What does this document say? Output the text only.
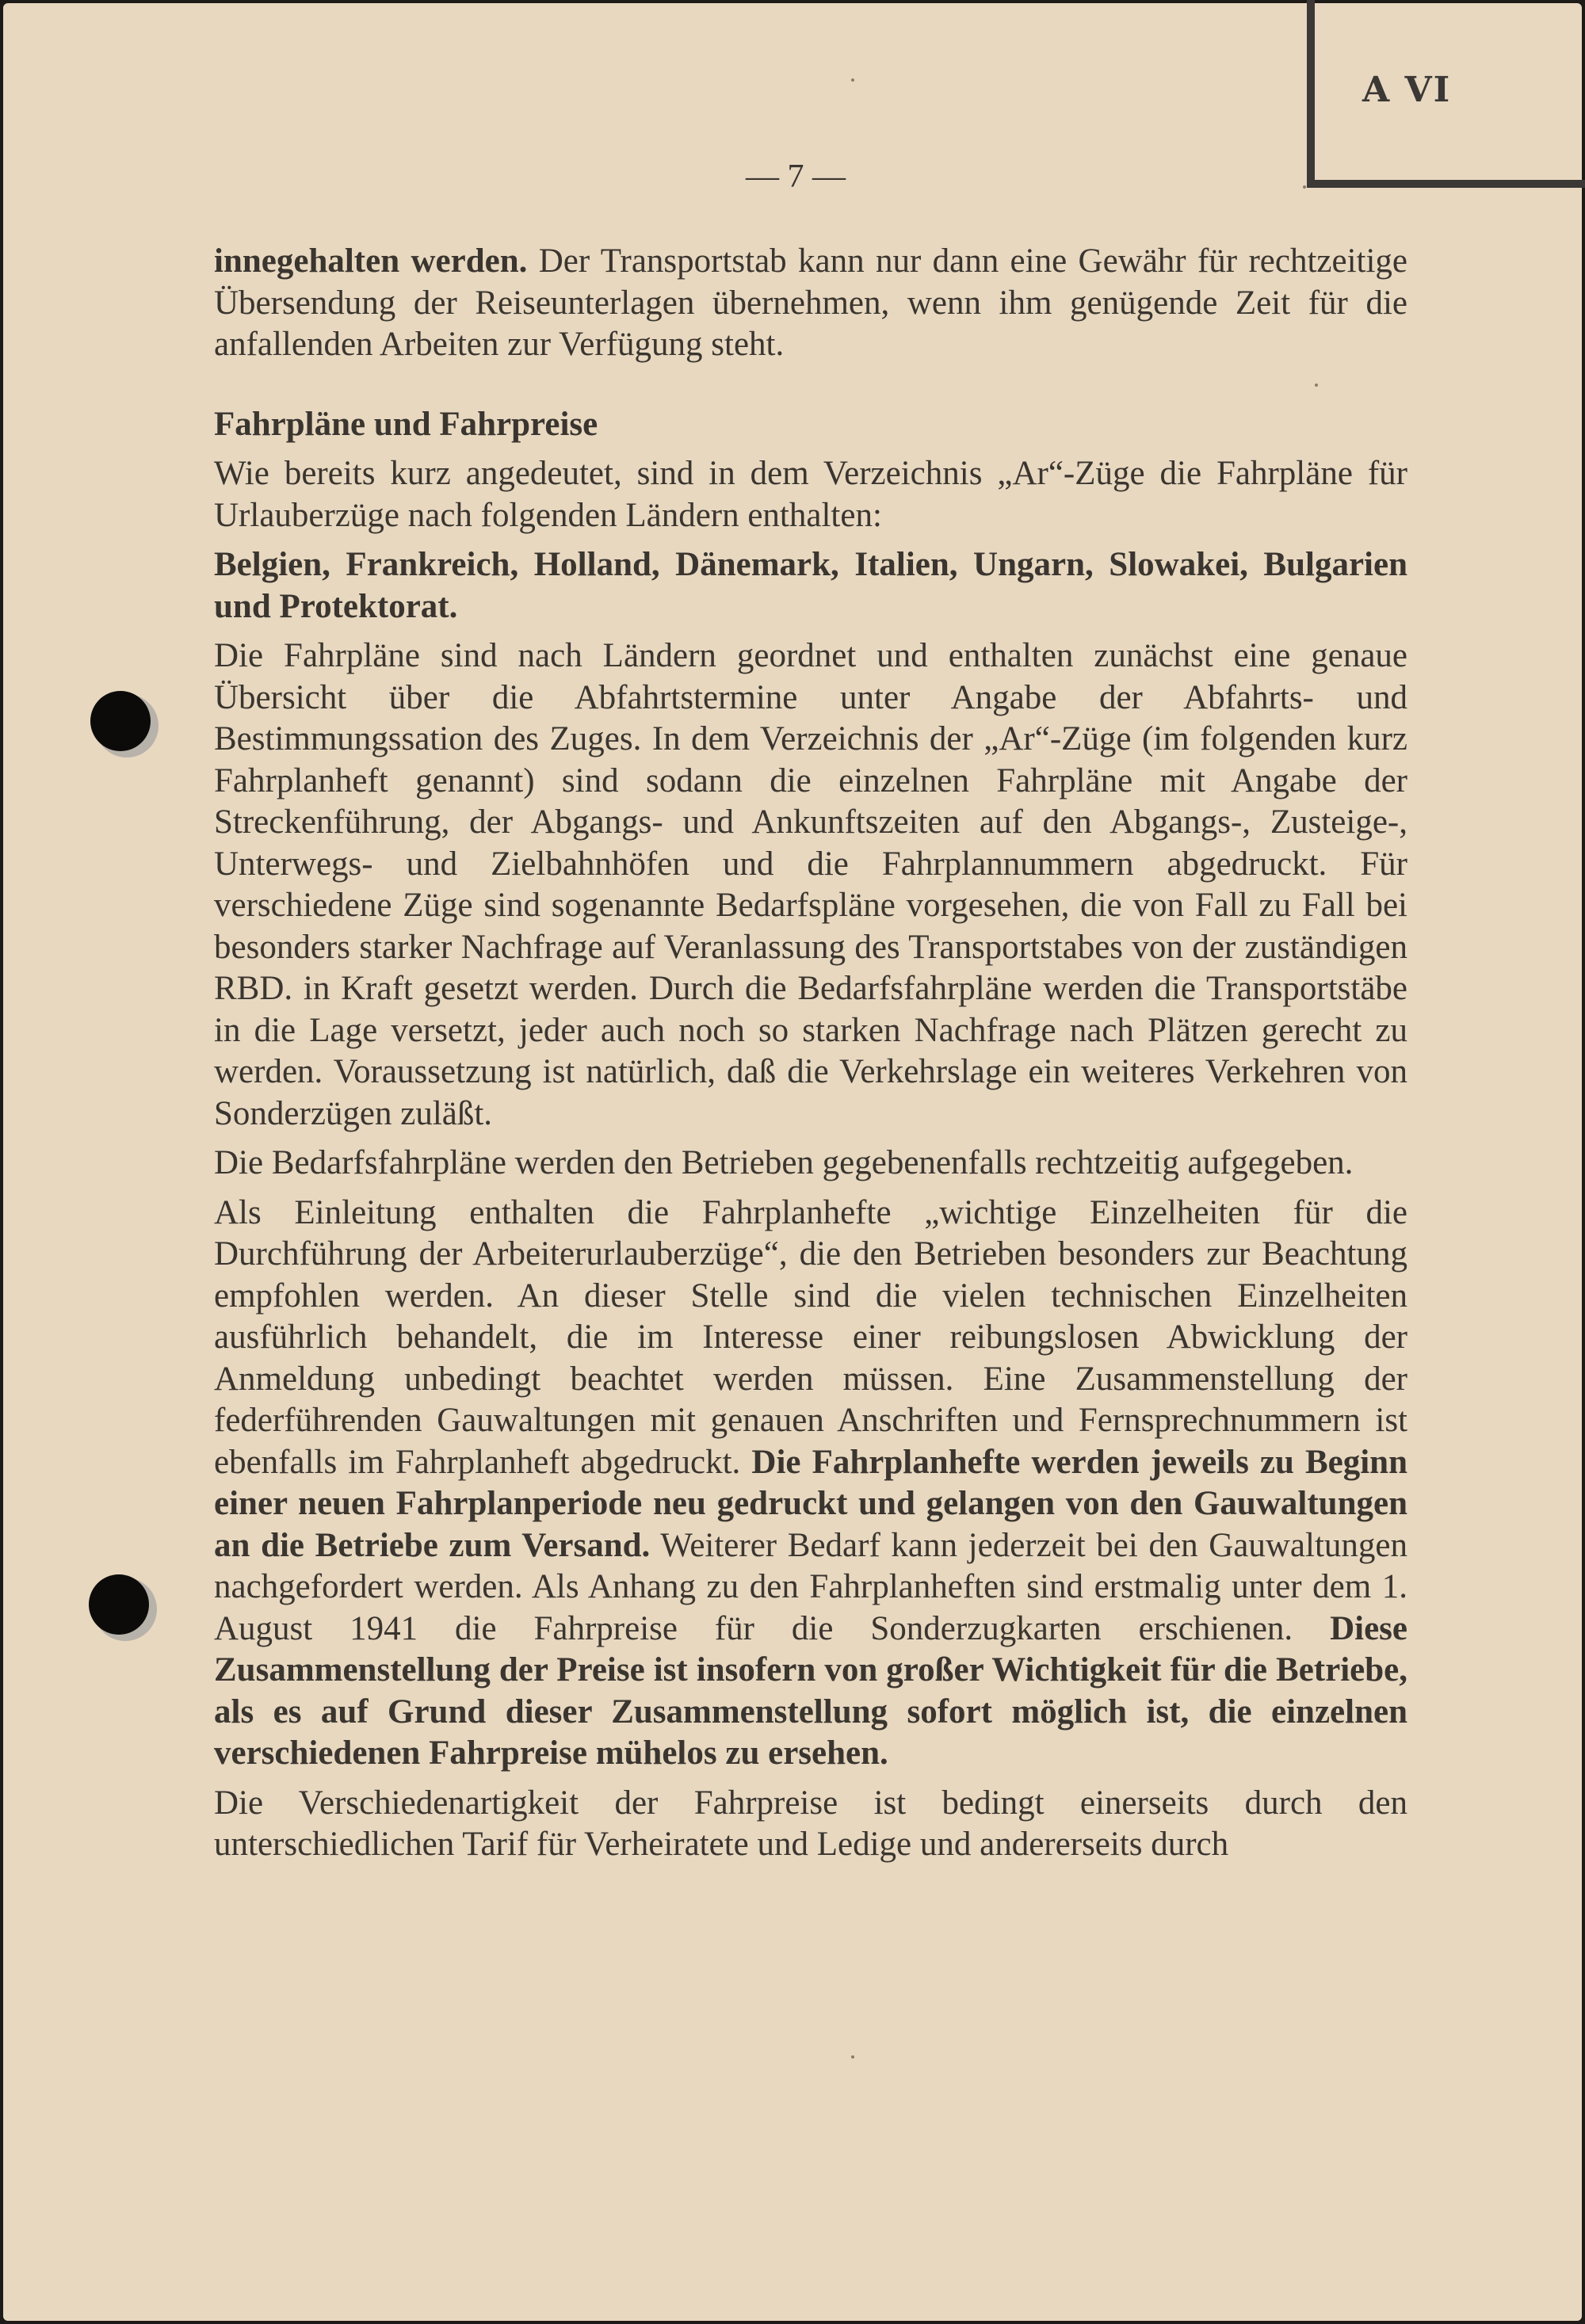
A VI
— 7 —

innegehalten werden. Der Transportstab kann nur dann eine Gewähr für rechtzeitige Übersendung der Reiseunterlagen übernehmen, wenn ihm genügende Zeit für die anfallenden Arbeiten zur Verfügung steht.

Fahrpläne und Fahrpreise

Wie bereits kurz angedeutet, sind in dem Verzeichnis „Ar“-Züge die Fahrpläne für Urlauberzüge nach folgenden Ländern enthalten:

Belgien, Frankreich, Holland, Dänemark, Italien, Ungarn, Slowakei, Bulgarien und Protektorat.

Die Fahrpläne sind nach Ländern geordnet und enthalten zunächst eine genaue Übersicht über die Abfahrtstermine unter Angabe der Abfahrts- und Bestimmungssation des Zuges. In dem Verzeichnis der „Ar“-Züge (im folgenden kurz Fahrplanheft genannt) sind sodann die einzelnen Fahrpläne mit Angabe der Streckenführung, der Abgangs- und Ankunftszeiten auf den Abgangs-, Zusteige-, Unterwegs- und Zielbahnhöfen und die Fahrplannummern abgedruckt. Für verschiedene Züge sind sogenannte Bedarfspläne vorgesehen, die von Fall zu Fall bei besonders starker Nachfrage auf Veranlassung des Transportstabes von der zuständigen RBD. in Kraft gesetzt werden. Durch die Bedarfsfahrpläne werden die Transportstäbe in die Lage versetzt, jeder auch noch so starken Nachfrage nach Plätzen gerecht zu werden. Voraussetzung ist natürlich, daß die Verkehrslage ein weiteres Verkehren von Sonderzügen zuläßt.

Die Bedarfsfahrpläne werden den Betrieben gegebenenfalls rechtzeitig aufgegeben.

Als Einleitung enthalten die Fahrplanhefte „wichtige Einzelheiten für die Durchführung der Arbeiterurlauberzüge“, die den Betrieben besonders zur Beachtung empfohlen werden. An dieser Stelle sind die vielen technischen Einzelheiten ausführlich behandelt, die im Interesse einer reibungslosen Abwicklung der Anmeldung unbedingt beachtet werden müssen. Eine Zusammenstellung der federführenden Gauwaltungen mit genauen Anschriften und Fernsprechnummern ist ebenfalls im Fahrplanheft abgedruckt. Die Fahrplanhefte werden jeweils zu Beginn einer neuen Fahrplanperiode neu gedruckt und gelangen von den Gauwaltungen an die Betriebe zum Versand. Weiterer Bedarf kann jederzeit bei den Gauwaltungen nachgefordert werden. Als Anhang zu den Fahrplanheften sind erstmalig unter dem 1. August 1941 die Fahrpreise für die Sonderzugkarten erschienen. Diese Zusammenstellung der Preise ist insofern von großer Wichtigkeit für die Betriebe, als es auf Grund dieser Zusammenstellung sofort möglich ist, die einzelnen verschiedenen Fahrpreise mühelos zu ersehen.

Die Verschiedenartigkeit der Fahrpreise ist bedingt einerseits durch den unterschiedlichen Tarif für Verheiratete und Ledige und andererseits durch
